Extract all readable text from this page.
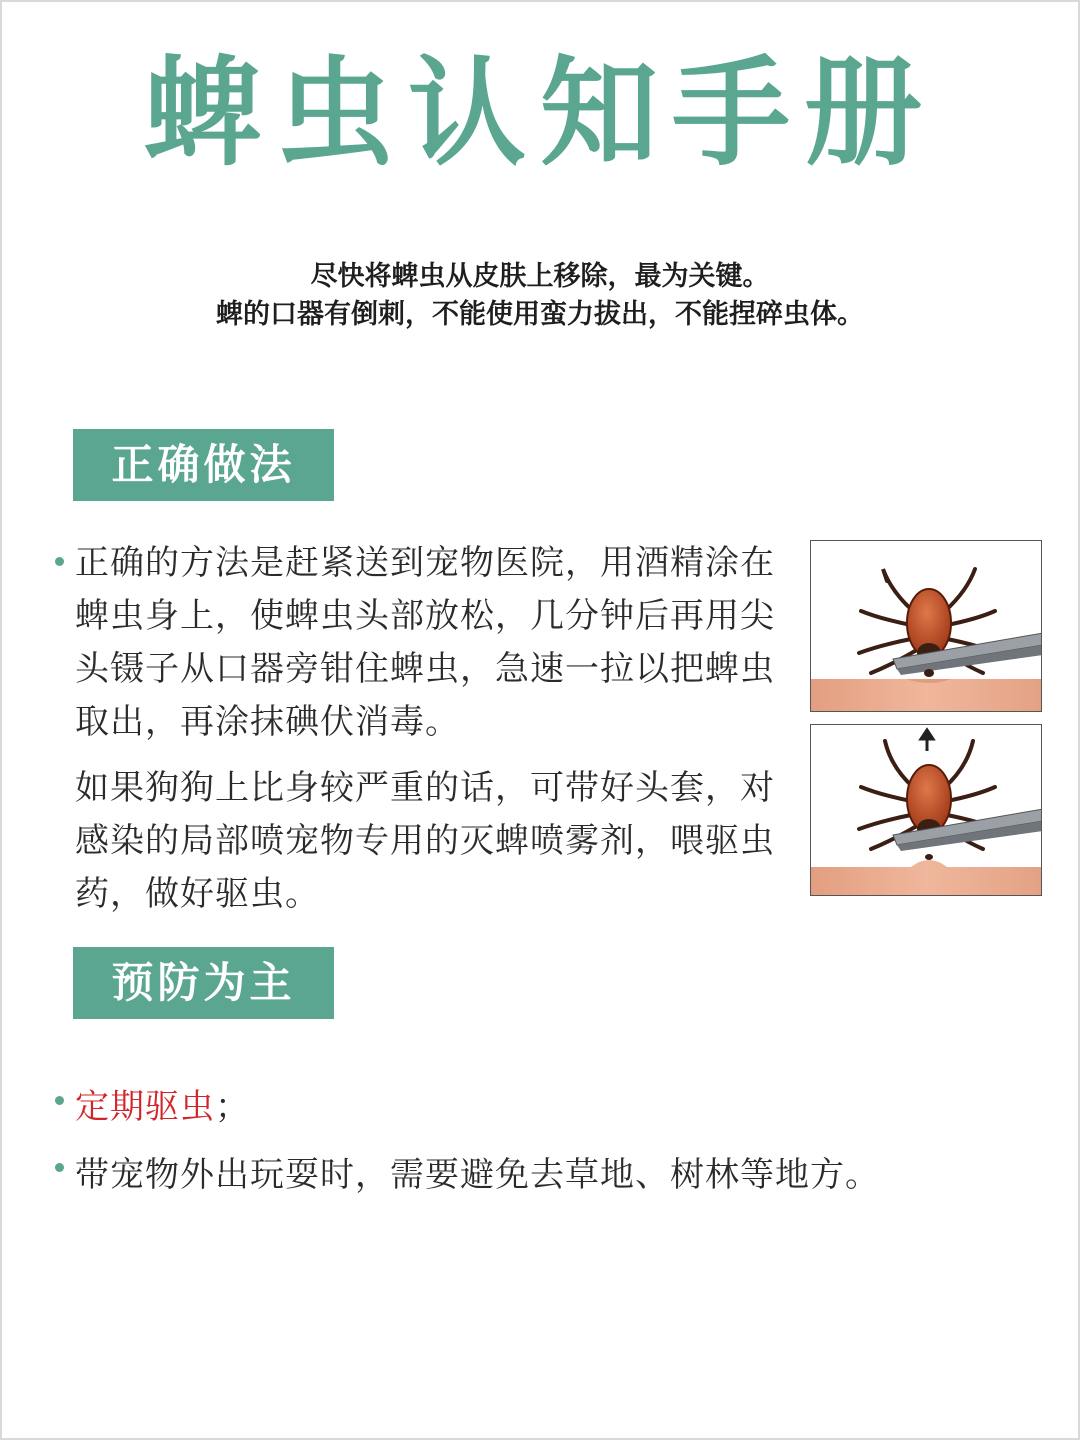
蜱虫认知手册
尽快将蜱虫从皮肤上移除，最为关键。
蜱的口器有倒刺，不能使用蛮力拔出，不能捏碎虫体。
正确做法

正确的方法是赶紧送到宠物医院，用酒精涂在蜱虫身上，使蜱虫头部放松，几分钟后再用尖头镊子从口器旁钳住蜱虫，急速一拉以把蜱虫取出，再涂抹碘伏消毒。

如果狗狗上比身较严重的话，可带好头套，对感染的局部喷宠物专用的灭蜱喷雾剂，喂驱虫药，做好驱虫。

预防为主
定期驱虫；
带宠物外出玩耍时，需要避免去草地、树林等地方。
